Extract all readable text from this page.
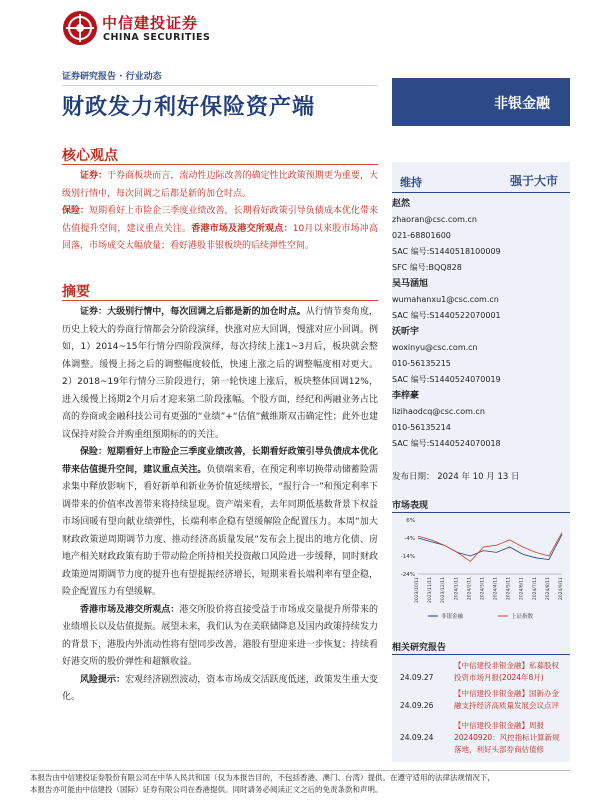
中信建投证券
CHINA SECURITIES
证券研究报告 · 行业动态
财政发力利好保险资产端	非银金融
核心观点
  证券：于券商板块而言，流动性边际改善的确定性比政策预期更为重要，大级别行情中，每次回调之后都是新的加仓时点。
保险：短期看好上市险企三季度业绩改善，长期看好政策引导负债成本优化带来估值提升空间，建议重点关注。香港市场及港交所观点：10月以来股市场冲高回落，市场成交大幅放量；看好港股非银板块的后续弹性空间。
摘要

证券：大级别行情中，每次回调之后都是新的加仓时点。从行情节奏角度，历史上较大的券商行情都会分阶段演绎，快涨对应大回调，慢涨对应小回调。例如，1）2014~15年行情分四阶段演绎，每次持续上涨1~3月后，板块就会整体调整。缓慢上扬之后的调整幅度较低，快速上涨之后的调整幅度相对更大。2）2018~19年行情分三阶段进行，第一轮快速上涨后，板块整体回调12%，进入缓慢上扬期2个月后才迎来第二阶段涨幅。个股方面，经纪和两融业务占比高的券商或金融科技公司有更强的“业绩”+“估值”戴维斯双击确定性；此外也建议保持对险合并购重组预期标的的关注。

保险：短期看好上市险企三季度业绩改善，长期看好政策引导负债成本优化带来估值提升空间，建议重点关注。负债端来看，在预定利率切换带动储蓄险需求集中释放影响下，看好新单和新业务价值延续增长，“报行合一”和预定利率下调带来的价值率改善带来将持续显现。资产端来看，去年同期低基数背景下权益市场回暖有望向献业绩弹性，长端利率企稳有望缓解险企配置压力。本周“加大财政政策逆周期调节力度、推动经济高质量发展”发布会上提出的地方化债、房地产相关财政政策有助于带动险企所持相关投资敞口风险进一步缓释，同时财政政策逆周期调节力度的提升也有望提振经济增长，短期来看长端利率有望企稳，险企配置压力有望缓解。

香港市场及港交所观点：港交所股价将直接受益于市场成交量提升所带来的业绩增长以及估值提振。展望未来，我们认为在美联储降息及国内政策持续发力的背景下，港股内外流动性将有望同步改善，港股有望迎来进一步恢复；持续看好港交所的股价弹性和超额收益。

风险提示：宏观经济剧烈波动，资本市场成交活跃度低迷，政策发生重大变化。

维持	强于大市
赵然
zhaoran@csc.com.cn
021-68801600
SAC 编号:S1440518100009
SFC 编号:BQQ828
吴马涵旭
wumahanxu1@csc.com.cn
SAC 编号:S1440522070001
沃昕宇
woxinyu@csc.com.cn
010-56135215
SAC 编号:S1440524070019
李梓豪
lizihaodcq@csc.com.cn
010-56135214
SAC 编号:S1440524070018
发布日期： 2024 年 10 月 13 日
市场表现
6%
-4%
-14%
-24%
2023/10/11 2023/11/11 2023/12/11 2024/1/11 2024/2/11 2024/3/11 2024/4/11 2024/5/11 2024/6/11 2024/7/11 2024/8/11 2024/9/11
非银金融	上证指数
相关研究报告
24.09.27
【中信建投非银金融】私募股权投资市场月报(2024年8月)
24.09.26
【中信建投非银金融】国新办金融支持经济高质量发展会议点评
24.09.24
【中信建投非银金融】周报20240920：风控指标计算新规落地，利好头部券商估值修
本报告由中信建投证券股份有限公司在中华人民共和国（仅为本报告目的，不包括香港、澳门、台湾）提供。在遵守适用的法律法规情况下，
本报告亦可能由中信建投（国际）证券有限公司在香港提供。同时请务必阅读正文之后的免责条款和声明。
